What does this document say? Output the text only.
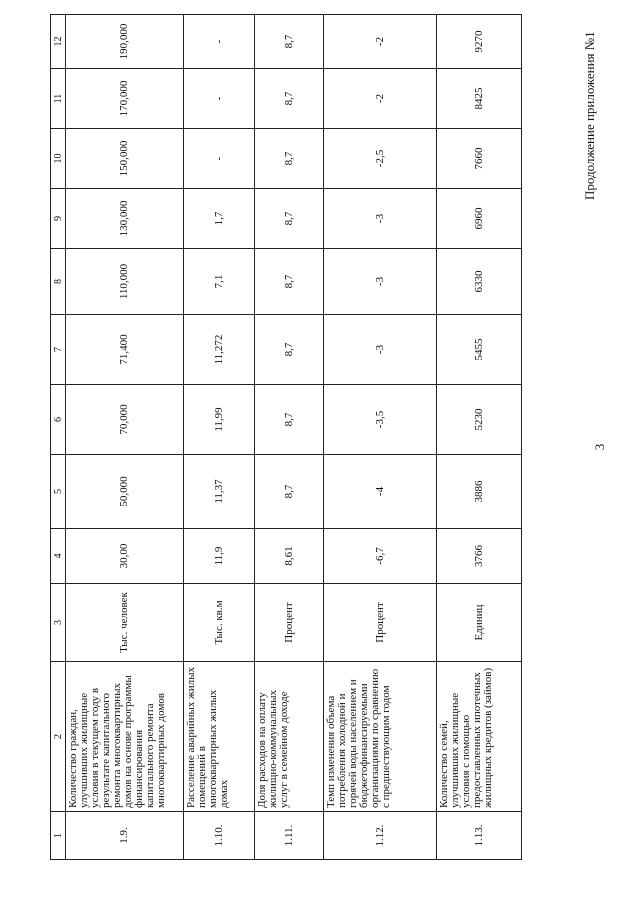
1	2	3	4	5	6	7	8	9	10	11	12
1.9.	Количество граждан, улучшивших жилищные условия в текущем году в результате капитального ремонта многоквартирных домов на основе программы финансирования капитального ремонта многоквартирных домов	Тыс. человек	30,00	50,000	70,000	71,400	110,000	130,000	150,000	170,000	190,000
1.10.	Расселение аварийных жилых помещений в многоквартирных жилых домах	Тыс. кв.м	11,9	11,37	11,99	11,272	7,1	1,7	-	-	-
1.11.	Доля расходов на оплату жилищно-коммунальных услуг в семейном доходе	Процент	8,61	8,7	8,7	8,7	8,7	8,7	8,7	8,7	8,7
1.12.	Темп изменения объема потребления холодной и горячей воды населением и бюджетофинансируемыми организациями по сравнению с предшествующим годом	Процент	-6,7	-4	-3,5	-3	-3	-3	-2,5	-2	-2
1.13.	Количество семей, улучшивших жилищные условия с помощью предоставленных ипотечных жилищных кредитов (займов)	Единиц	3766	3886	5230	5455	6330	6960	7660	8425	9270
3
Продолжение приложения №1
